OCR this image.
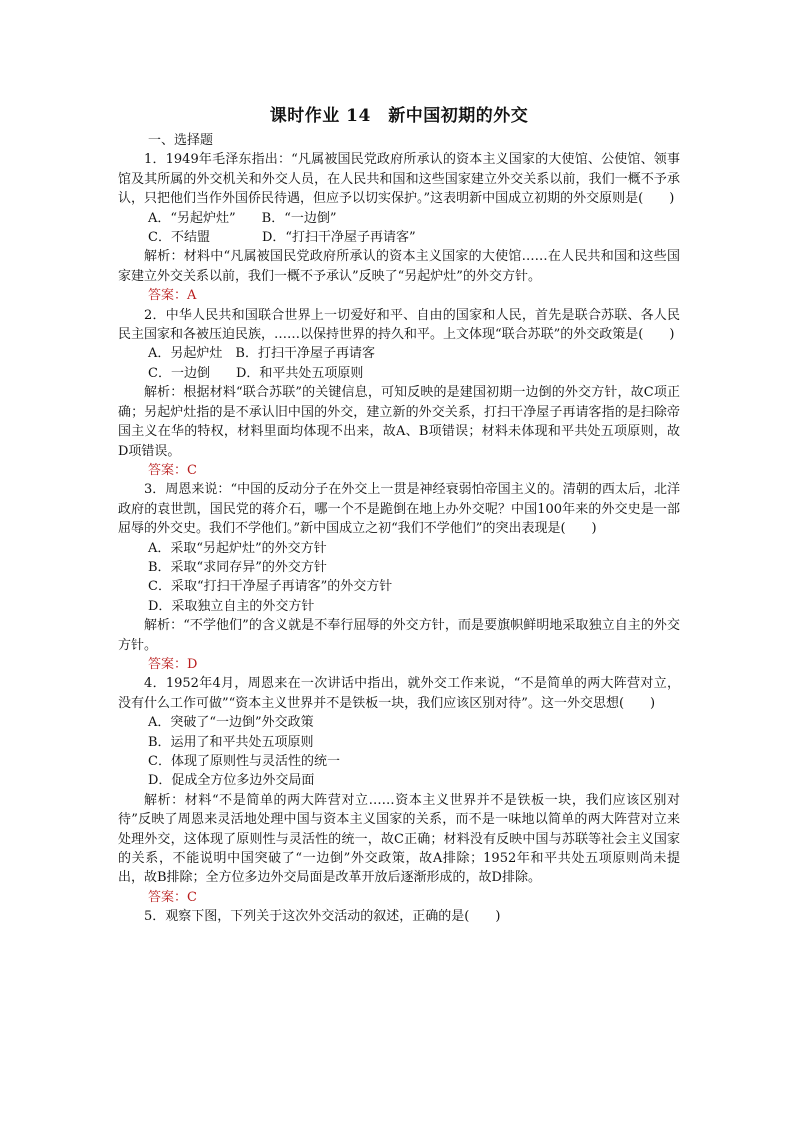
课时作业 14　新中国初期的外交
一、选择题

1．1949年毛泽东指出：“凡属被国民党政府所承认的资本主义国家的大使馆、公使馆、领事馆及其所属的外交机关和外交人员，在人民共和国和这些国家建立外交关系以前，我们一概不予承认，只把他们当作外国侨民待遇，但应予以切实保护。”这表明新中国成立初期的外交原则是(　　)

A．“另起炉灶”　　B．“一边倒”
C．不结盟　　　　D．“打扫干净屋子再请客”

解析：材料中“凡属被国民党政府所承认的资本主义国家的大使馆……在人民共和国和这些国家建立外交关系以前，我们一概不予承认”反映了“另起炉灶”的外交方针。

答案：A

2．中华人民共和国联合世界上一切爱好和平、自由的国家和人民，首先是联合苏联、各人民民主国家和各被压迫民族，……以保持世界的持久和平。上文体现“联合苏联”的外交政策是(　　)

A．另起炉灶　B．打扫干净屋子再请客
C．一边倒　　D．和平共处五项原则

解析：根据材料“联合苏联”的关键信息，可知反映的是建国初期一边倒的外交方针，故C项正确；另起炉灶指的是不承认旧中国的外交，建立新的外交关系，打扫干净屋子再请客指的是扫除帝国主义在华的特权，材料里面均体现不出来，故A、B项错误；材料未体现和平共处五项原则，故D项错误。

答案：C

3．周恩来说：“中国的反动分子在外交上一贯是神经衰弱怕帝国主义的。清朝的西太后，北洋政府的袁世凯，国民党的蒋介石，哪一个不是跪倒在地上办外交呢？中国100年来的外交史是一部屈辱的外交史。我们不学他们。”新中国成立之初“我们不学他们”的突出表现是(　　)

A．采取“另起炉灶”的外交方针
B．采取“求同存异”的外交方针
C．采取“打扫干净屋子再请客”的外交方针
D．采取独立自主的外交方针

解析：“不学他们”的含义就是不奉行屈辱的外交方针，而是要旗帜鲜明地采取独立自主的外交方针。

答案：D

4．1952年4月，周恩来在一次讲话中指出，就外交工作来说，“不是简单的两大阵营对立，没有什么工作可做”“资本主义世界并不是铁板一块，我们应该区别对待”。这一外交思想(　　)

A．突破了“一边倒”外交政策
B．运用了和平共处五项原则
C．体现了原则性与灵活性的统一
D．促成全方位多边外交局面

解析：材料“不是简单的两大阵营对立……资本主义世界并不是铁板一块，我们应该区别对待”反映了周恩来灵活地处理中国与资本主义国家的关系，而不是一味地以简单的两大阵营对立来处理外交，这体现了原则性与灵活性的统一，故C正确；材料没有反映中国与苏联等社会主义国家的关系，不能说明中国突破了“一边倒”外交政策，故A排除；1952年和平共处五项原则尚未提出，故B排除；全方位多边外交局面是改革开放后逐渐形成的，故D排除。

答案：C

5．观察下图，下列关于这次外交活动的叙述，正确的是(　　)
